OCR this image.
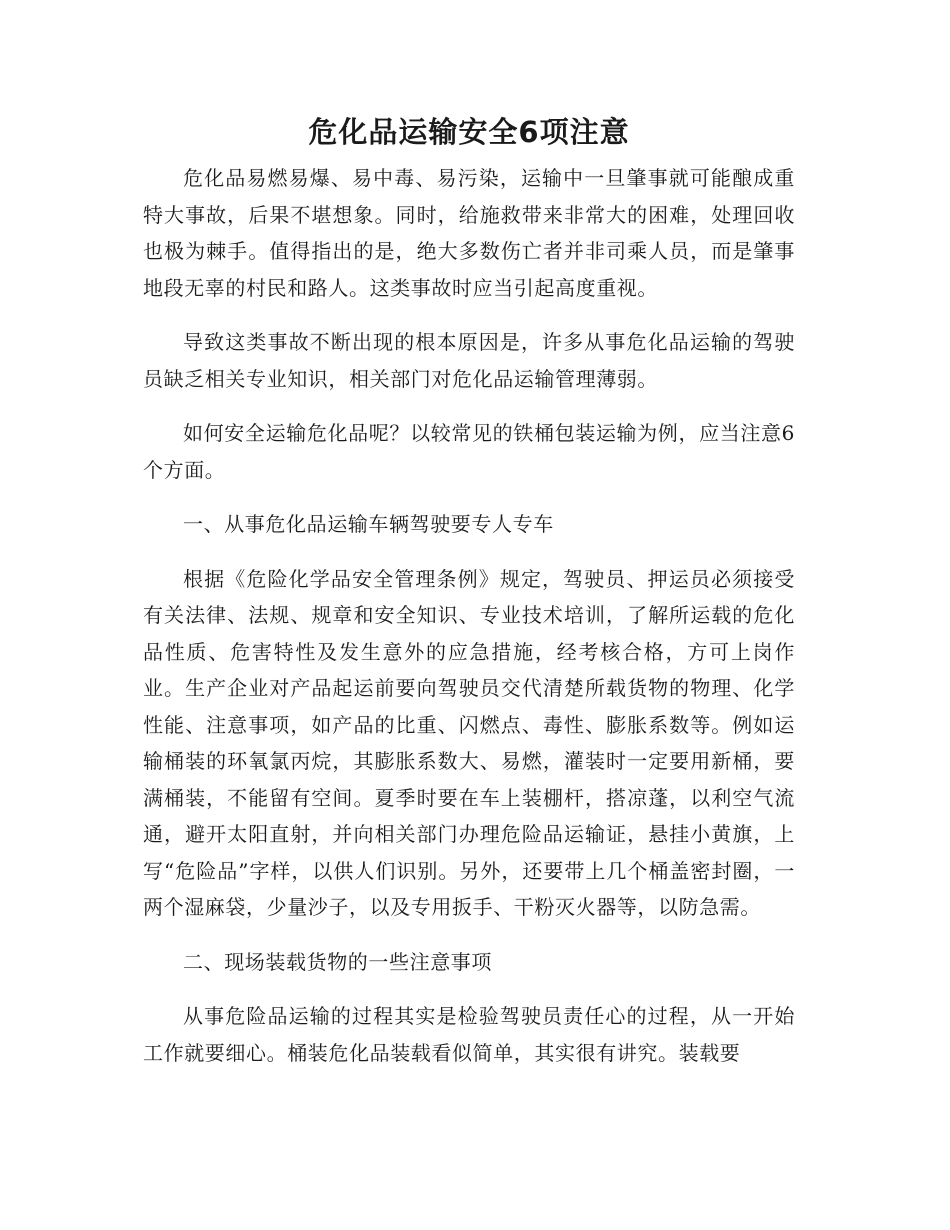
危化品运输安全6项注意

危化品易燃易爆、易中毒、易污染，运输中一旦肇事就可能酿成重特大事故，后果不堪想象。同时，给施救带来非常大的困难，处理回收也极为棘手。值得指出的是，绝大多数伤亡者并非司乘人员，而是肇事地段无辜的村民和路人。这类事故时应当引起高度重视。

导致这类事故不断出现的根本原因是，许多从事危化品运输的驾驶员缺乏相关专业知识，相关部门对危化品运输管理薄弱。

如何安全运输危化品呢？以较常见的铁桶包装运输为例，应当注意6个方面。

一、从事危化品运输车辆驾驶要专人专车

根据《危险化学品安全管理条例》规定，驾驶员、押运员必须接受有关法律、法规、规章和安全知识、专业技术培训，了解所运载的危化品性质、危害特性及发生意外的应急措施，经考核合格，方可上岗作业。生产企业对产品起运前要向驾驶员交代清楚所载货物的物理、化学性能、注意事项，如产品的比重、闪燃点、毒性、膨胀系数等。例如运输桶装的环氧氯丙烷，其膨胀系数大、易燃，灌装时一定要用新桶，要满桶装，不能留有空间。夏季时要在车上装棚杆，搭凉蓬，以利空气流通，避开太阳直射，并向相关部门办理危险品运输证，悬挂小黄旗，上写“危险品”字样，以供人们识别。另外，还要带上几个桶盖密封圈，一两个湿麻袋，少量沙子，以及专用扳手、干粉灭火器等，以防急需。

二、现场装载货物的一些注意事项

从事危险品运输的过程其实是检验驾驶员责任心的过程，从一开始工作就要细心。桶装危化品装载看似简单，其实很有讲究。装载要
